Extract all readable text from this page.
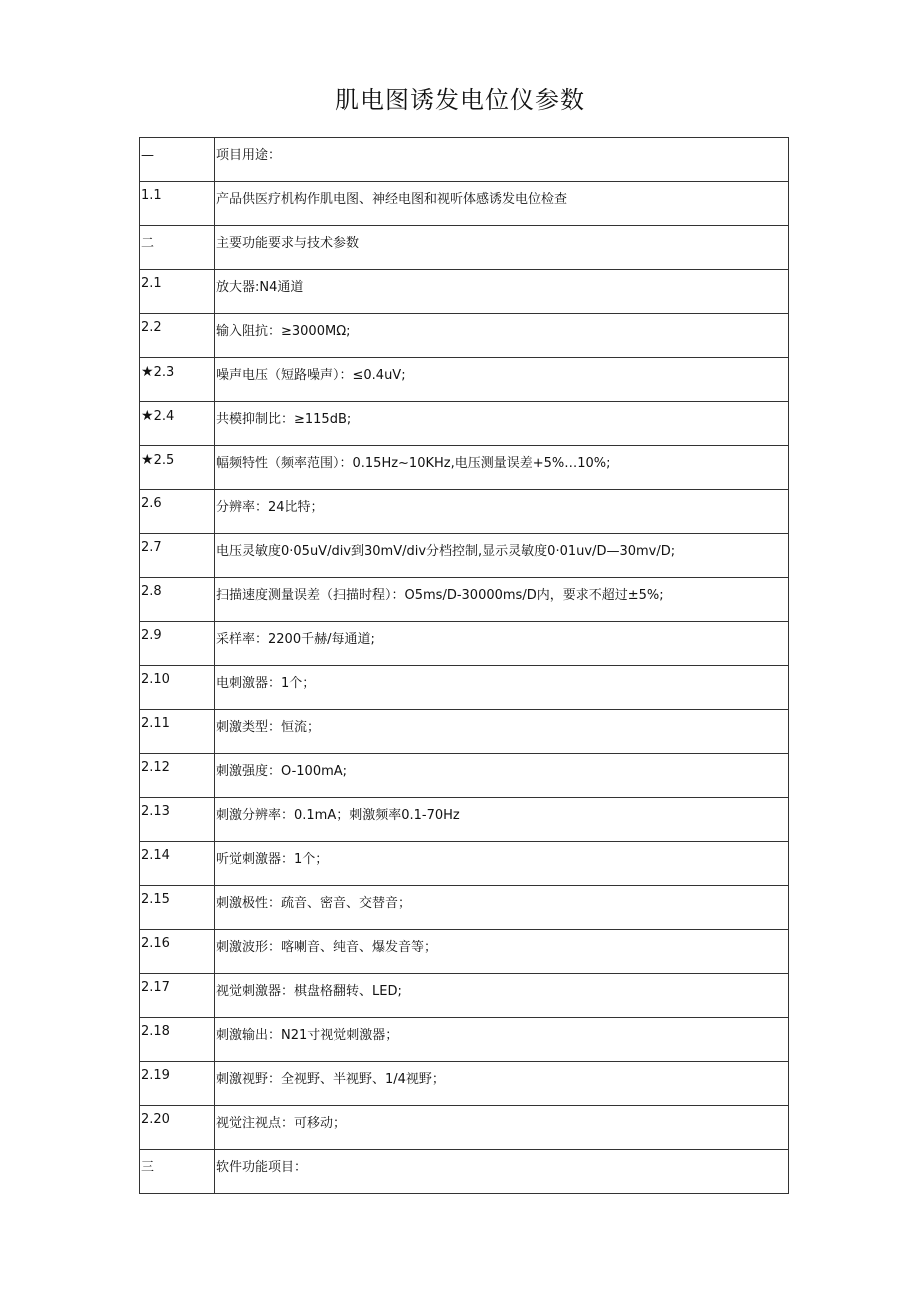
肌电图诱发电位仪参数
—	项目用途：

1.1	产品供医疗机构作肌电图、神经电图和视听体感诱发电位检查

二	主要功能要求与技术参数

2.1	放大器:N4通道

2.2	输入阻抗：≥3000MΩ;

★2.3	噪声电压（短路噪声）：≤0.4uV;

★2.4	共模抑制比：≥115dB;

★2.5	幅频特性（频率范围）：0.15Hz~10KHz,电压测量误差+5%…10%;

2.6	分辨率：24比特；

2.7	电压灵敏度0·05uV/div到30mV/div分档控制,显示灵敏度0·01uv/D—30mv/D;

2.8	扫描速度测量误差（扫描时程）：O5ms/D-30000ms/D内，要求不超过±5%;

2.9	采样率：2200千赫/每通道;

2.10	电刺激器：1个；

2.11	刺激类型：恒流；

2.12	刺激强度：O-100mA;

2.13	刺激分辨率：0.1mA；刺激频率0.1-70Hz

2.14	听觉刺激器：1个；

2.15	刺激极性：疏音、密音、交替音；

2.16	刺激波形：喀喇音、纯音、爆发音等；

2.17	视觉刺激器：棋盘格翻转、LED;

2.18	刺激输出：N21寸视觉刺激器；

2.19	刺激视野：全视野、半视野、1/4视野；

2.20	视觉注视点：可移动；

三	软件功能项目：
